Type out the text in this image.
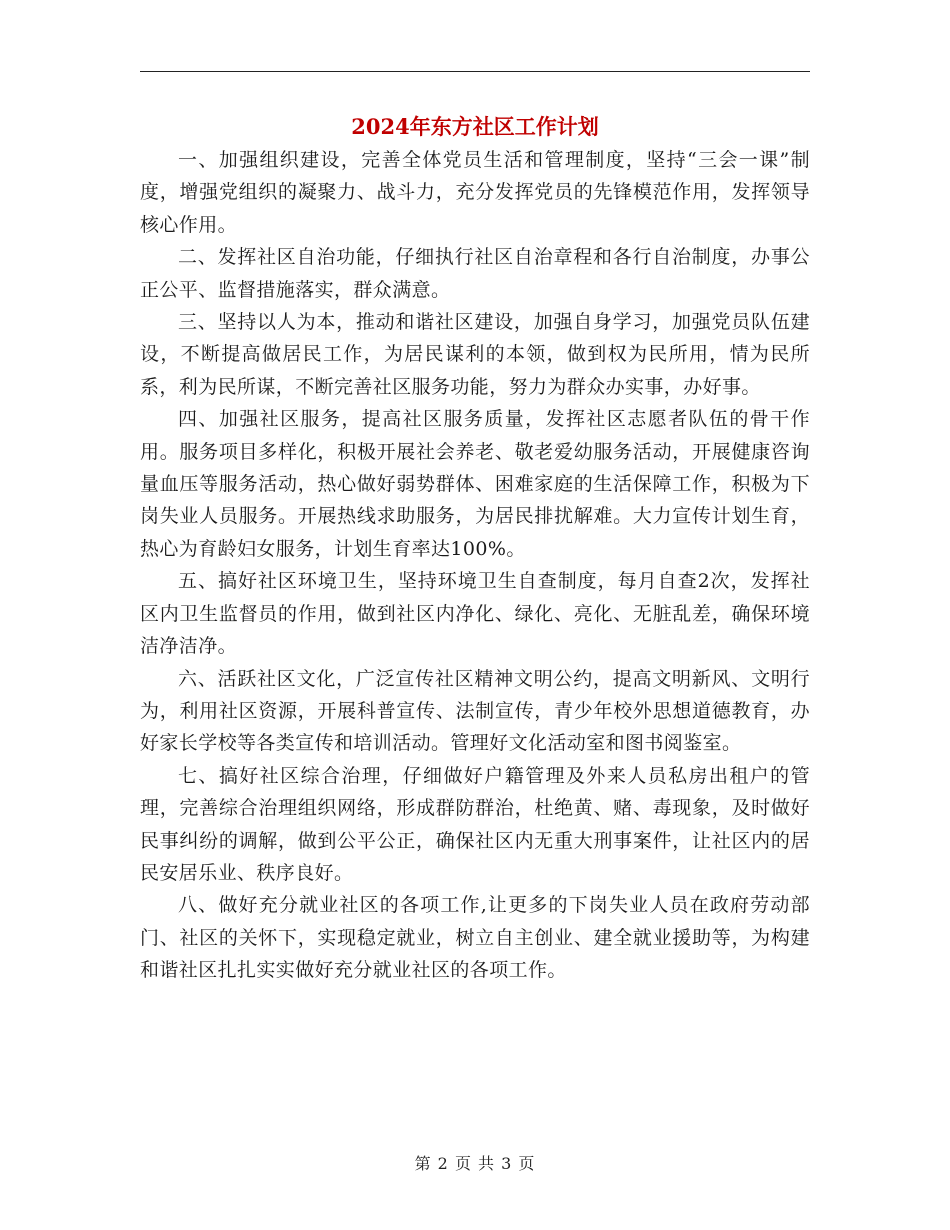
2024年东方社区工作计划

一、加强组织建设，完善全体党员生活和管理制度，坚持“三会一课”制度，增强党组织的凝聚力、战斗力，充分发挥党员的先锋模范作用，发挥领导核心作用。

二、发挥社区自治功能，仔细执行社区自治章程和各行自治制度，办事公正公平、监督措施落实，群众满意。

三、坚持以人为本，推动和谐社区建设，加强自身学习，加强党员队伍建设，不断提高做居民工作，为居民谋利的本领，做到权为民所用，情为民所系，利为民所谋，不断完善社区服务功能，努力为群众办实事，办好事。

四、加强社区服务，提高社区服务质量，发挥社区志愿者队伍的骨干作用。服务项目多样化，积极开展社会养老、敬老爱幼服务活动，开展健康咨询量血压等服务活动，热心做好弱势群体、困难家庭的生活保障工作，积极为下岗失业人员服务。开展热线求助服务，为居民排扰解难。大力宣传计划生育，热心为育龄妇女服务，计划生育率达100%。

五、搞好社区环境卫生，坚持环境卫生自查制度，每月自查2次，发挥社区内卫生监督员的作用，做到社区内净化、绿化、亮化、无脏乱差，确保环境洁净洁净。

六、活跃社区文化，广泛宣传社区精神文明公约，提高文明新风、文明行为，利用社区资源，开展科普宣传、法制宣传，青少年校外思想道德教育，办好家长学校等各类宣传和培训活动。管理好文化活动室和图书阅鉴室。

七、搞好社区综合治理，仔细做好户籍管理及外来人员私房出租户的管理，完善综合治理组织网络，形成群防群治，杜绝黄、赌、毒现象，及时做好民事纠纷的调解，做到公平公正，确保社区内无重大刑事案件，让社区内的居民安居乐业、秩序良好。

八、做好充分就业社区的各项工作,让更多的下岗失业人员在政府劳动部门、社区的关怀下，实现稳定就业，树立自主创业、建全就业援助等，为构建和谐社区扎扎实实做好充分就业社区的各项工作。

第 2 页 共 3 页
